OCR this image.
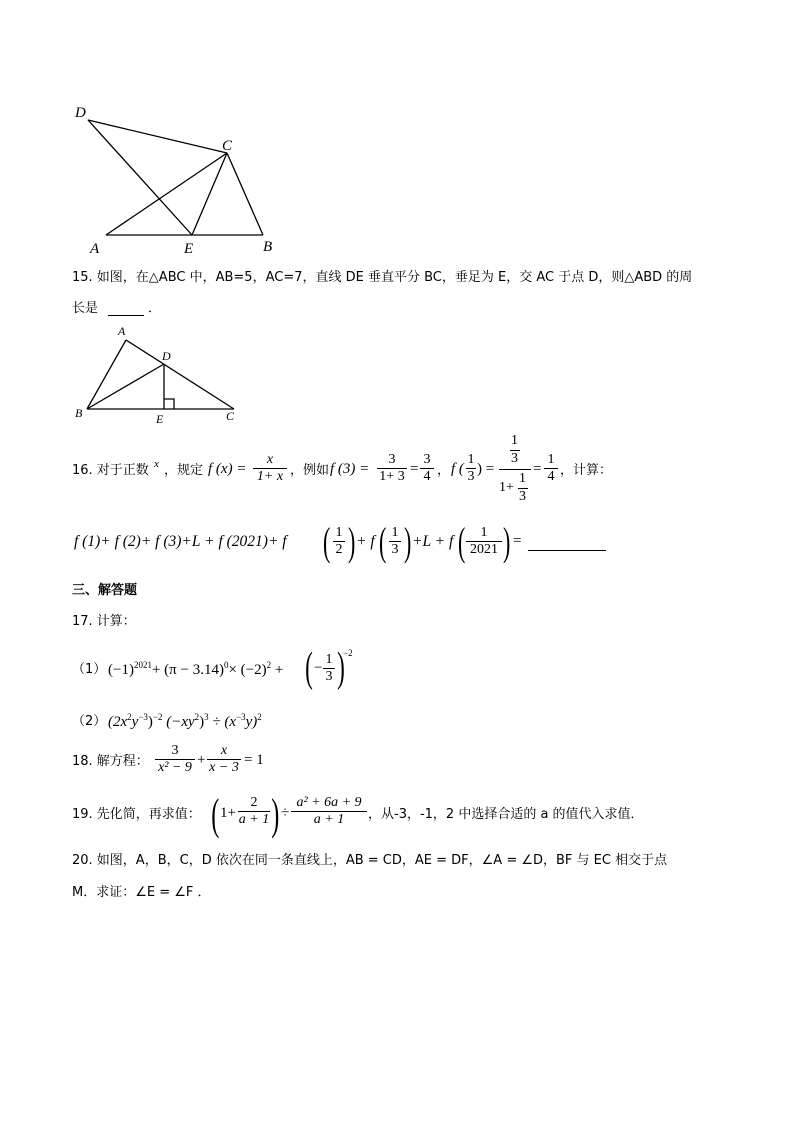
D
C
A	E	B
15. 如图，在△ABC 中，AB=5，AC=7，直线 DE 垂直平分 BC，垂足为 E，交 AC 于点 D，则△ABD 的周
长是	．
A
D
B	E	C
16. 对于正数 x ，规定 f $(x) = \frac{x}{1+ x}$ ，例如 f $(3) = \frac{3}{1+ 3} = \frac{3}{4}$ ， f ( $\frac{1}{3}$ ) = 1
3
1+
1
$3 = \frac{1}{4}$ ，计算：
f (1)+ f (2)+ f (3)+L + f (2021)+ f ( $\frac{1}{2}$ ) + f ( $\frac{1}{3}$ ) +L + f ( $\frac{1}{2021}$ ) =
三、解答题
17. 计算：
（1） $(-1)^{2021}+ (\pi - 3.14)^0\times (-2)^2$ + ( − $\frac{1}{3}$ )
−2
（2） $(2x^2y^{-3})^{-2}$ $(-xy^2)^3 \div (x^{-3}y)^2$
18. 解方程： $\frac{3}{\text{x² − 9}} + \frac{x}{x - 3} = 1$
19. 先化简，再求值： ( $1+ \frac{2}{a + 1}$ ) ÷ $\frac{\text{a² + 6a + 9}}{a + 1}$ ，从-3，-1，2 中选择合适的 a 的值代入求值．
20. 如图，A，B，C，D 依次在同一条直线上，AB = CD，AE = DF，∠A = ∠D，BF 与 EC 相交于点
M．求证：∠E = ∠F ．
